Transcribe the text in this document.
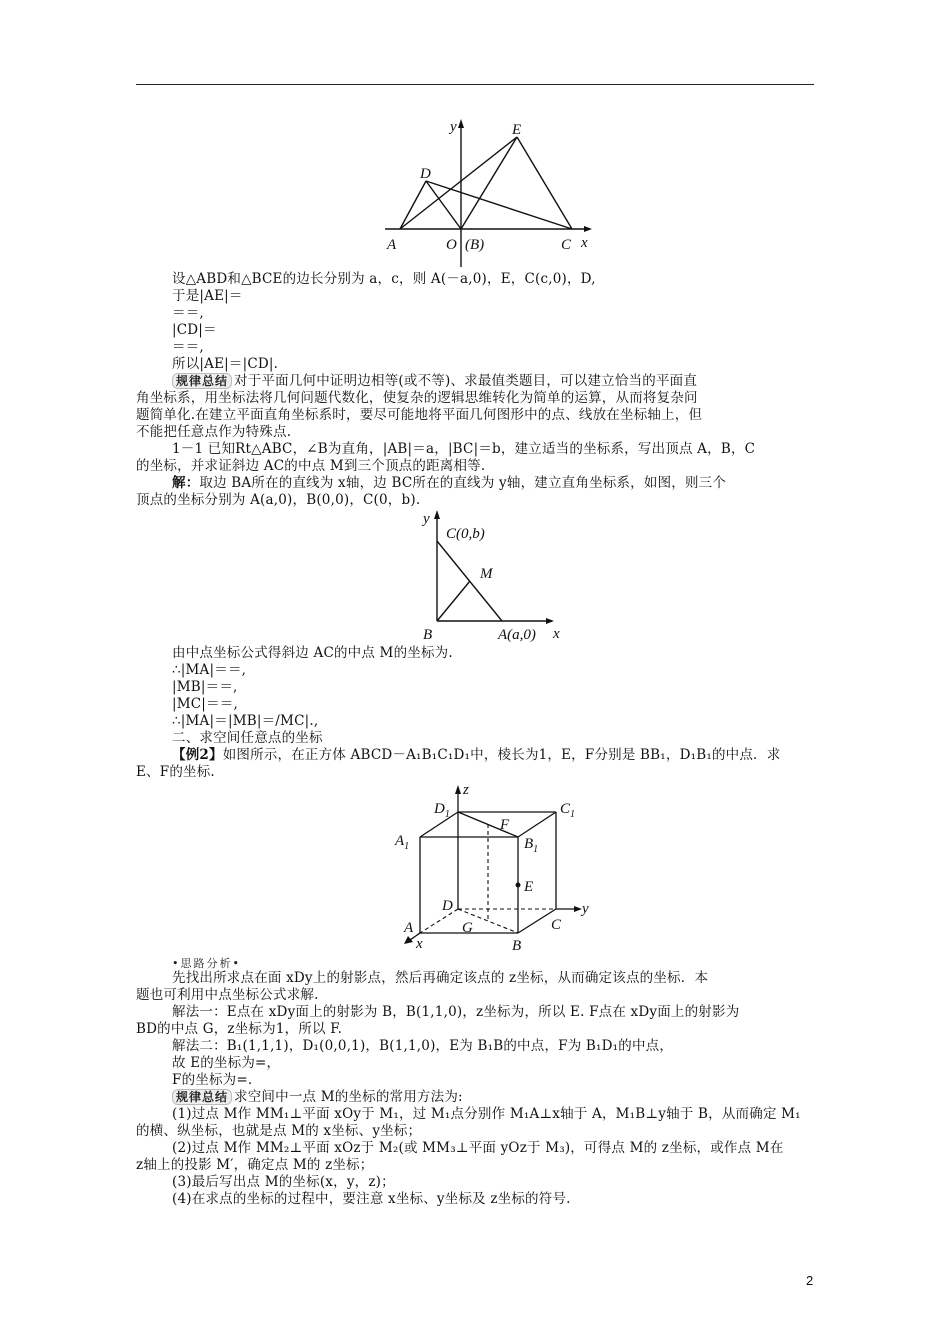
y	E
D
A	O (B)	C x
设△ABD和△BCE的边长分别为 a，c，则 A(－a,0)，E，C(c,0)，D,
于是|AE|＝
＝＝,
|CD|＝
＝＝,
所以|AE|＝|CD|.
规律总结 对于平面几何中证明边相等(或不等)、求最值类题目，可以建立恰当的平面直
角坐标系，用坐标法将几何问题代数化，使复杂的逻辑思维转化为简单的运算，从而将复杂问
题简单化.在建立平面直角坐标系时，要尽可能地将平面几何图形中的点、线放在坐标轴上，但
不能把任意点作为特殊点.
1－1 已知Rt△ABC，∠B为直角，|AB|＝a，|BC|＝b，建立适当的坐标系，写出顶点 A，B，C
的坐标，并求证斜边 AC的中点 M到三个顶点的距离相等.
解：取边 BA所在的直线为 x轴，边 BC所在的直线为 y轴，建立直角坐标系，如图，则三个
顶点的坐标分别为 A(a,0)，B(0,0)，C(0，b).
y
C(0,b)
M
B	A(a,0) x
由中点坐标公式得斜边 AC的中点 M的坐标为.
∴|MA|＝＝,
|MB|＝＝,
|MC|＝＝,
∴|MA|＝|MB|＝/MC|.,
二、求空间任意点的坐标
【例2】如图所示，在正方体 ABCD－A₁B₁C₁D₁中，棱长为1，E，F分别是 BB₁，D₁B₁的中点．求
E、F的坐标.
z
$D_1$	$C_1$
$A_1$
F
$B_1$
E
D	y
A	G	C
x	B
•思路分析•
先找出所求点在面 xDy上的射影点，然后再确定该点的 z坐标，从而确定该点的坐标．本
题也可利用中点坐标公式求解.
解法一：E点在 xDy面上的射影为 B，B(1,1,0)，z坐标为，所以 E. F点在 xDy面上的射影为
BD的中点 G，z坐标为1，所以 F.
解法二：B₁(1,1,1)，D₁(0,0,1)，B(1,1,0)，E为 B₁B的中点，F为 B₁D₁的中点，
故 E的坐标为=，
F的坐标为=.
规律总结 求空间中一点 M的坐标的常用方法为:
(1)过点 M作 MM₁⊥平面 xOy于 M₁，过 M₁点分别作 M₁A⊥x轴于 A，M₁B⊥y轴于 B，从而确定 M₁
的横、纵坐标，也就是点 M的 x坐标、y坐标；
(2)过点 M作 MM₂⊥平面 xOz于 M₂(或 MM₃⊥平面 yOz于 M₃)，可得点 M的 z坐标，或作点 M在
z轴上的投影 M′，确定点 M的 z坐标；
(3)最后写出点 M的坐标(x，y，z)；
(4)在求点的坐标的过程中，要注意 x坐标、y坐标及 z坐标的符号.
2
